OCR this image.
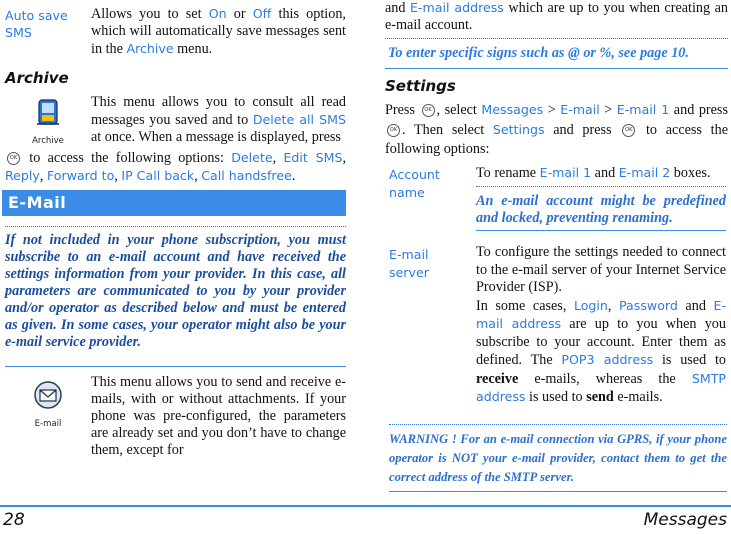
Auto save SMS
Allows you to set On or Off this option, which will automatically save messages sent in the Archive menu.
Archive
Archive
This menu allows you to consult all read messages you saved and to Delete all SMS at once. When a message is displayed, press
OK to access the following options: Delete, Edit SMS, Reply, Forward to, IP Call back, Call handsfree.
E-Mail
If not included in your phone subscription, you must subscribe to an e-mail account and have received the settings information from your provider. In this case, all parameters are communicated to you by your provider and/or operator as described below and must be entered as given. In some cases, your operator might also be your e-mail service provider.
E-mail
This menu allows you to send and receive e-mails, with or without attachments. If your phone was pre-configured, the parameters are already set and you don’t have to change them, except for
and E-mail address which are up to you when creating an e-mail account.
To enter specific signs such as @ or %, see page 10.
Settings
Press OK , select Messages > E-mail > E-mail 1 and press OK . Then select Settings and press	OK to access the following options:
Account name
To rename E-mail 1 and E-mail 2 boxes.
An e-mail account might be predefined and locked, preventing renaming.
E-mail server
To configure the settings needed to connect to the e-mail server of your Internet Service Provider (ISP).
In some cases, Login, Password and E-mail address are up to you when you subscribe to your account. Enter them as defined. The POP3 address is used to receive e-mails, whereas the SMTP address is used to send e-mails.
WARNING ! For an e-mail connection via GPRS, if your phone operator is NOT your e-mail provider, contact them to get the correct address of the SMTP server.
28	Messages
